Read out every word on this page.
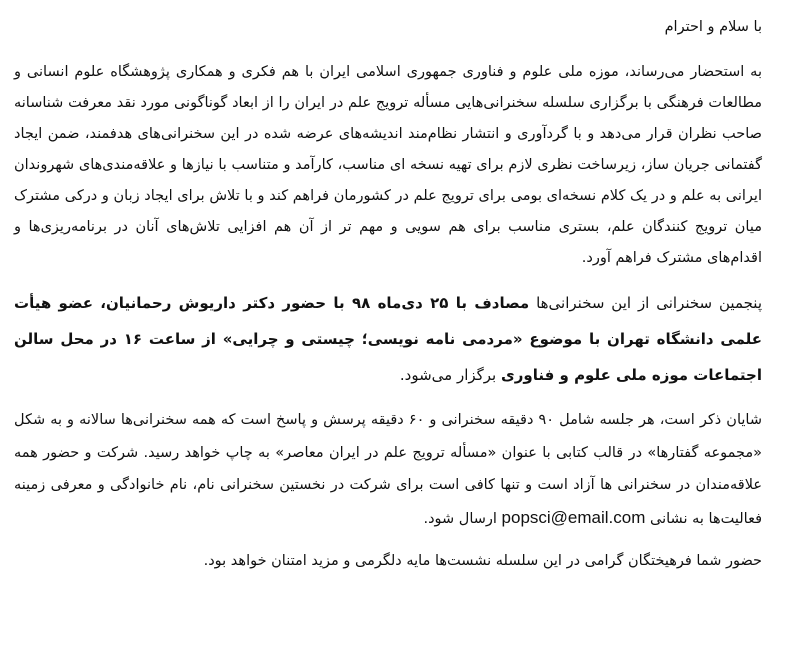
با سلام و احترام

به استحضار می‌رساند، موزه ملی علوم و فناوری جمهوری اسلامی ایران با هم فکری و همکاری پژوهشگاه علوم انسانی و مطالعات فرهنگی با برگزاری سلسله سخنرانی‌هایی مسأله ترویج علم در ایران را از ابعاد گوناگونی مورد نقد معرفت شناسانه صاحب نظران قرار می‌دهد و با گردآوری و انتشار نظام‌مند اندیشه‌های عرضه شده در این سخنرانی‌های هدفمند، ضمن ایجاد گفتمانی جریان ساز، زیرساخت نظری لازم برای تهیه نسخه ای مناسب، کارآمد و متناسب با نیازها و علاقه‌مندی‌های شهروندان ایرانی به علم و در یک کلام نسخه‌ای بومی برای ترویج علم در کشورمان فراهم کند و با تلاش برای ایجاد زبان و درکی مشترک میان ترویج کنندگان علم، بستری مناسب برای هم سویی و مهم تر از آن هم افزایی تلاش‌های آنان در برنامه‌ریزی‌ها و اقدام‌های مشترک فراهم آورد.

پنجمین سخنرانی از این سخنرانی‌ها مصادف با ۲۵ دی‌ماه ۹۸ با حضور دکتر داریوش رحمانیان، عضو هیأت علمی دانشگاه تهران با موضوع «مردمی نامه نویسی؛ چیستی و چرایی» از ساعت ۱۶ در محل سالن اجتماعات موزه ملی علوم و فناوری برگزار می‌شود.

شایان ذکر است، هر جلسه شامل ۹۰ دقیقه سخنرانی و ۶۰ دقیقه پرسش و پاسخ است که همه سخنرانی‌ها سالانه و به شکل «مجموعه گفتارها» در قالب کتابی با عنوان «مسأله ترویج علم در ایران معاصر» به چاپ خواهد رسید. شرکت و حضور همه علاقه‌مندان در سخنرانی ها آزاد است و تنها کافی است برای شرکت در نخستین سخنرانی نام، نام خانوادگی و معرفی زمینه فعالیت‌ها به نشانی popsci@email.com ارسال شود.

حضور شما فرهیختگان گرامی در این سلسله نشست‌ها مایه دلگرمی و مزید امتنان خواهد بود.
